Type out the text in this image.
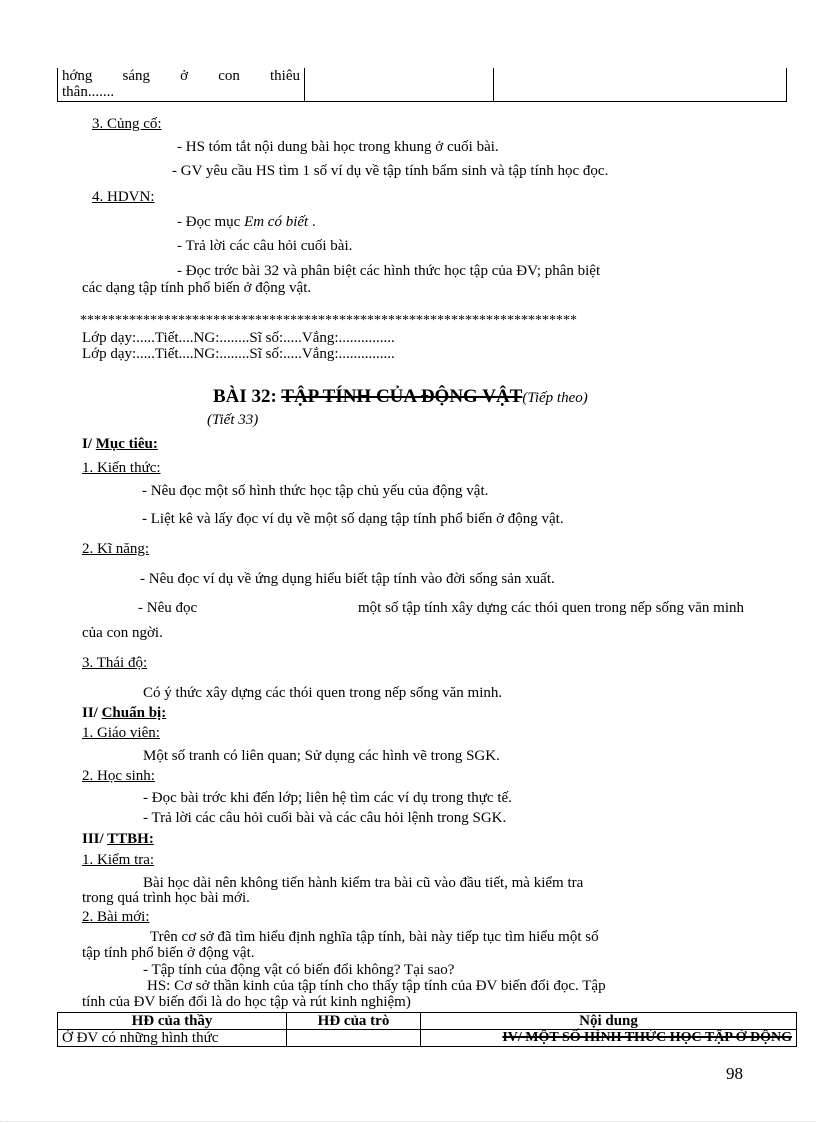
hớng sáng ở con thiêu
thân.......

3. Củng cố:
- HS tóm tắt nội dung bài học trong khung ở cuối bài.
- GV yêu cầu HS tìm 1 số ví dụ về tập tính bẩm sinh và tập tính học đọc.
4. HDVN:
- Đọc mục Em có biết .
- Trả lời các câu hỏi cuối bài.
- Đọc trớc bài 32 và phân biệt các hình thức học tập của ĐV; phân biệt
các dạng tập tính phổ biến ở động vật.
***********************************************************************
Lớp dạy:.....Tiết....NG:........Sĩ số:.....Vắng:...............
Lớp dạy:.....Tiết....NG:........Sĩ số:.....Vắng:...............
BÀI 32: TẬP TÍNH CỦA ĐỘNG VẬT(Tiếp theo)
(Tiết 33)
I/ Mục tiêu:
1. Kiến thức:
- Nêu đọc một số hình thức học tập chủ yếu của động vật.
- Liệt kê và lấy đọc ví dụ về một số dạng tập tính phổ biến ở động vật.
2. Kĩ năng:
- Nêu đọc ví dụ về ứng dụng hiểu biết tập tính vào đời sống sản xuất.
- Nêu đọc	một số tập tính xây dựng các thói quen trong nếp sống văn minh
của con ngời.
3. Thái độ:
Có ý thức xây dựng các thói quen trong nếp sống văn minh.
II/ Chuẩn bị:
1. Giáo viên:
Một số tranh có liên quan; Sử dụng các hình vẽ trong SGK.
2. Học sinh:
- Đọc bài trớc khi đến lớp; liên hệ tìm các ví dụ trong thực tế.
- Trả lời các câu hỏi cuối bài và các câu hỏi lệnh trong SGK.
III/ TTBH:
1. Kiểm tra:
Bài học dài nên không tiến hành kiểm tra bài cũ vào đầu tiết, mà kiểm tra
trong quá trình học bài mới.
2. Bài mới:
Trên cơ sở đã tìm hiểu định nghĩa tập tính, bài này tiếp tục tìm hiểu một số
tập tính phổ biến ở động vật.
- Tập tính của động vật có biến đổi không? Tại sao?
HS: Cơ sở thần kinh của tập tính cho thấy tập tính của ĐV biến đổi đọc. Tập
tính của ĐV biến đổi là do học tập và rút kinh nghiệm)
HĐ của thầy	HĐ của trò	Nội dung
Ở ĐV có những hình thức		IV/ MỘT SỐ HÌNH THỨC HỌC TẬP Ở ĐỘNG
98
